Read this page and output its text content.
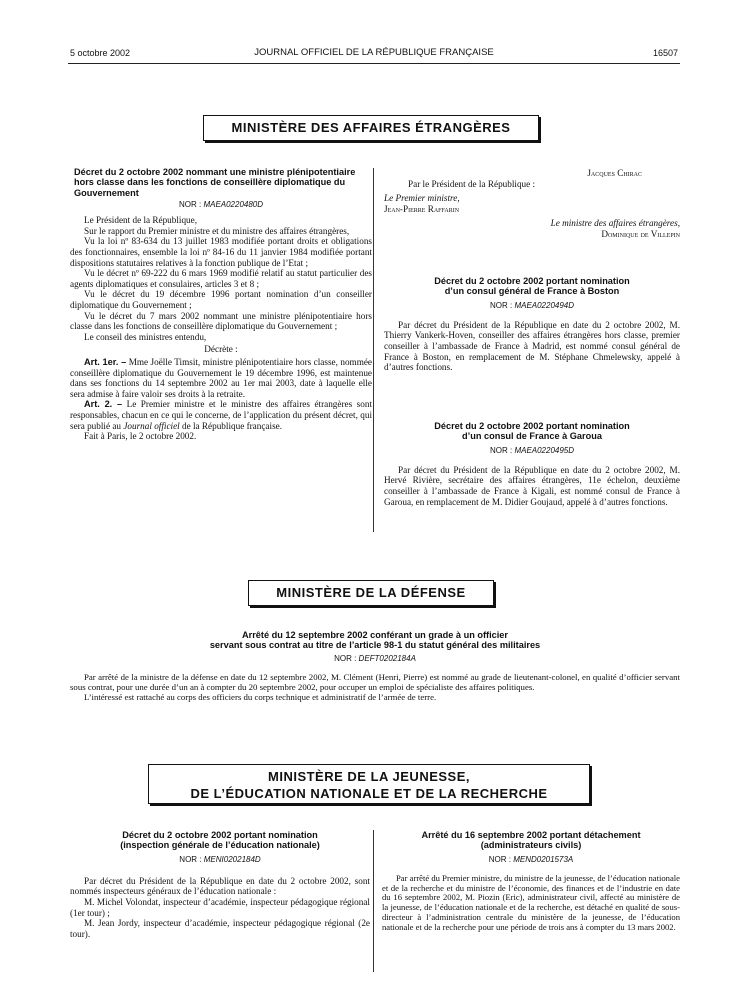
5 octobre 2002	JOURNAL OFFICIEL DE LA RÉPUBLIQUE FRANÇAISE	16507
MINISTÈRE DES AFFAIRES ÉTRANGÈRES
Décret du 2 octobre 2002 nommant une ministre plénipotentiaire hors classe dans les fonctions de conseillère diplomatique du Gouvernement
NOR : MAEA0220480D

Le Président de la République,

Sur le rapport du Premier ministre et du ministre des affaires étrangères,

Vu la loi nº 83-634 du 13 juillet 1983 modifiée portant droits et obligations des fonctionnaires, ensemble la loi nº 84-16 du 11 janvier 1984 modifiée portant dispositions statutaires relatives à la fonction publique de l’Etat ;

Vu le décret nº 69-222 du 6 mars 1969 modifié relatif au statut particulier des agents diplomatiques et consulaires, articles 3 et 8 ;

Vu le décret du 19 décembre 1996 portant nomination d’un conseiller diplomatique du Gouvernement ;

Vu le décret du 7 mars 2002 nommant une ministre plénipotentiaire hors classe dans les fonctions de conseillère diplomatique du Gouvernement ;

Le conseil des ministres entendu,

Décrète :

Art. 1er. – Mme Joëlle Timsit, ministre plénipotentiaire hors classe, nommée conseillère diplomatique du Gouvernement le 19 décembre 1996, est maintenue dans ses fonctions du 14 septembre 2002 au 1er mai 2003, date à laquelle elle sera admise à faire valoir ses droits à la retraite.

Art. 2. – Le Premier ministre et le ministre des affaires étrangères sont responsables, chacun en ce qui le concerne, de l’application du présent décret, qui sera publié au Journal officiel de la République française.

Fait à Paris, le 2 octobre 2002.

Jacques Chirac

Par le Président de la République :

Le Premier ministre,

Jean-Pierre Raffarin

Le ministre des affaires étrangères,

Dominique de Villepin

Décret du 2 octobre 2002 portant nomination
d’un consul général de France à Boston
NOR : MAEA0220494D

Par décret du Président de la République en date du 2 octobre 2002, M. Thierry Vankerk-Hoven, conseiller des affaires étrangères hors classe, premier conseiller à l’ambassade de France à Madrid, est nommé consul général de France à Boston, en remplacement de M. Stéphane Chmelewsky, appelé à d’autres fonctions.

Décret du 2 octobre 2002 portant nomination
d’un consul de France à Garoua
NOR : MAEA0220495D

Par décret du Président de la République en date du 2 octobre 2002, M. Hervé Rivière, secrétaire des affaires étrangères, 11e échelon, deuxième conseiller à l’ambassade de France à Kigali, est nommé consul de France à Garoua, en remplacement de M. Didier Goujaud, appelé à d’autres fonctions.

MINISTÈRE DE LA DÉFENSE
Arrêté du 12 septembre 2002 conférant un grade à un officier
servant sous contrat au titre de l’article 98-1 du statut général des militaires
NOR : DEFT0202184A

Par arrêté de la ministre de la défense en date du 12 septembre 2002, M. Clément (Henri, Pierre) est nommé au grade de lieutenant-colonel, en qualité d’officier servant sous contrat, pour une durée d’un an à compter du 20 septembre 2002, pour occuper un emploi de spécialiste des affaires politiques.

L’intéressé est rattaché au corps des officiers du corps technique et administratif de l’armée de terre.

MINISTÈRE DE LA JEUNESSE,
DE L’ÉDUCATION NATIONALE ET DE LA RECHERCHE
Décret du 2 octobre 2002 portant nomination
(inspection générale de l’éducation nationale)
NOR : MENI0202184D

Par décret du Président de la République en date du 2 octobre 2002, sont nommés inspecteurs généraux de l’éducation nationale :

M. Michel Volondat, inspecteur d’académie, inspecteur pédagogique régional (1er tour) ;

M. Jean Jordy, inspecteur d’académie, inspecteur pédagogique régional (2e tour).

Arrêté du 16 septembre 2002 portant détachement
(administrateurs civils)
NOR : MEND0201573A

Par arrêté du Premier ministre, du ministre de la jeunesse, de l’éducation nationale et de la recherche et du ministre de l’économie, des finances et de l’industrie en date du 16 septembre 2002, M. Piozin (Eric), administrateur civil, affecté au ministère de la jeunesse, de l’éducation nationale et de la recherche, est détaché en qualité de sous-directeur à l’administration centrale du ministère de la jeunesse, de l’éducation nationale et de la recherche pour une période de trois ans à compter du 13 mars 2002.
